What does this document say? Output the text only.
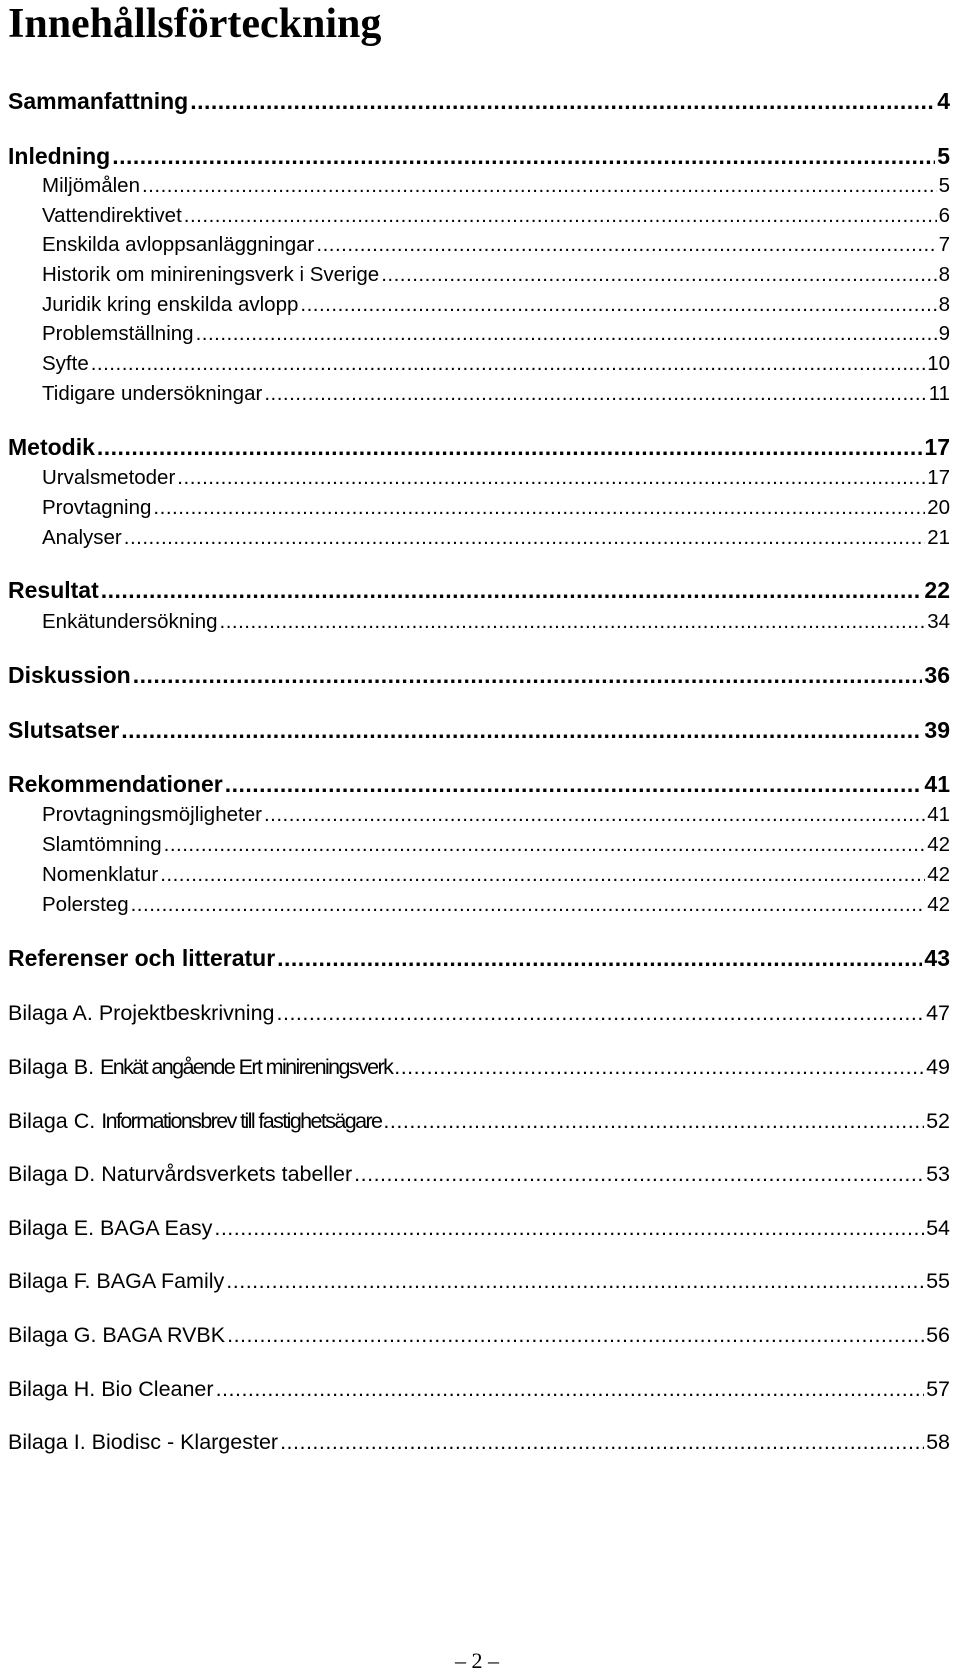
Innehållsförteckning
Sammanfattning .....	4
Inledning .....	5
Miljömålen .....	5
Vattendirektivet .....	6
Enskilda avloppsanläggningar .....	7
Historik om minireningsverk i Sverige .....	8
Juridik kring enskilda avlopp .....	8
Problemställning .....	9
Syfte .....	10
Tidigare undersökningar .....	11
Metodik .....	17
Urvalsmetoder .....	17
Provtagning .....	20
Analyser .....	21
Resultat .....	22
Enkätundersökning .....	34
Diskussion .....	36
Slutsatser .....	39
Rekommendationer .....	41
Provtagningsmöjligheter .....	41
Slamtömning .....	42
Nomenklatur .....	42
Polersteg .....	42
Referenser och litteratur .....	43
Bilaga A. Projektbeskrivning .....	47
Bilaga B. Enkät angående Ert minireningsverk .....	49
Bilaga C. Informationsbrev till fastighetsägare .....	52
Bilaga D. Naturvårdsverkets tabeller .....	53
Bilaga E. BAGA Easy .....	54
Bilaga F. BAGA Family .....	55
Bilaga G. BAGA RVBK .....	56
Bilaga H. Bio Cleaner .....	57
Bilaga I. Biodisc - Klargester .....	58
– 2 –
